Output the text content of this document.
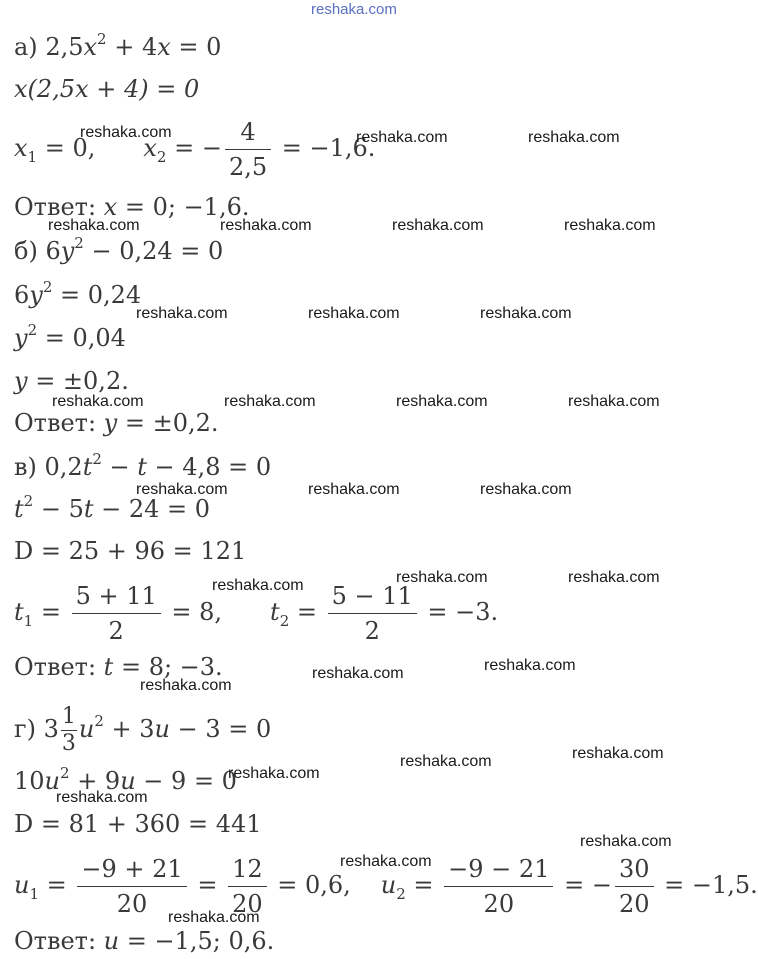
reshaka.com
а) $2,5x^2 + 4x = 0$
x(2,5x + 4) = 0
$x_1 = 0$, $x_2$ = − $\frac{4}{2,5} = -1,6$.
Ответ: x = 0; −1,6.
б) $6y^2 - 0,24 = 0$
$6y^2 = 0,24$
$y^2 = 0,04$
y = ±0,2.
Ответ: y = ±0,2.
в) $0,2t^2 - t - 4,8 = 0$
$t^2 - 5t - 24 = 0$
D = 25 + 96 = 121
$t_1 = \frac{5 + 11}{2} = 8$, $t_2 = \frac{5 - 11}{2} = -3$.
Ответ: t = 8; −3.
г) $3 \frac{1}{3} u^2 + 3u - 3 = 0$
$10u^2 + 9u - 9 = 0$
D = 81 + 360 = 441
$u_1 = \frac{-9 + 21}{20} = \frac{12}{20} = 0,6$, $u_2 = \frac{-9 - 21}{20}$ = − $\frac{30}{20} = -1,5$.
Ответ: u = −1,5; 0,6.
reshaka.com	reshaka.com	reshaka.com
reshaka.com	reshaka.com	reshaka.com	reshaka.com
reshaka.com	reshaka.com	reshaka.com
reshaka.com	reshaka.com	reshaka.com	reshaka.com
reshaka.com	reshaka.com	reshaka.com
reshaka.com	reshaka.com	reshaka.com
reshaka.com	reshaka.com
reshaka.com
reshaka.com
reshaka.com
reshaka.com
reshaka.com
reshaka.com
reshaka.com
reshaka.com
